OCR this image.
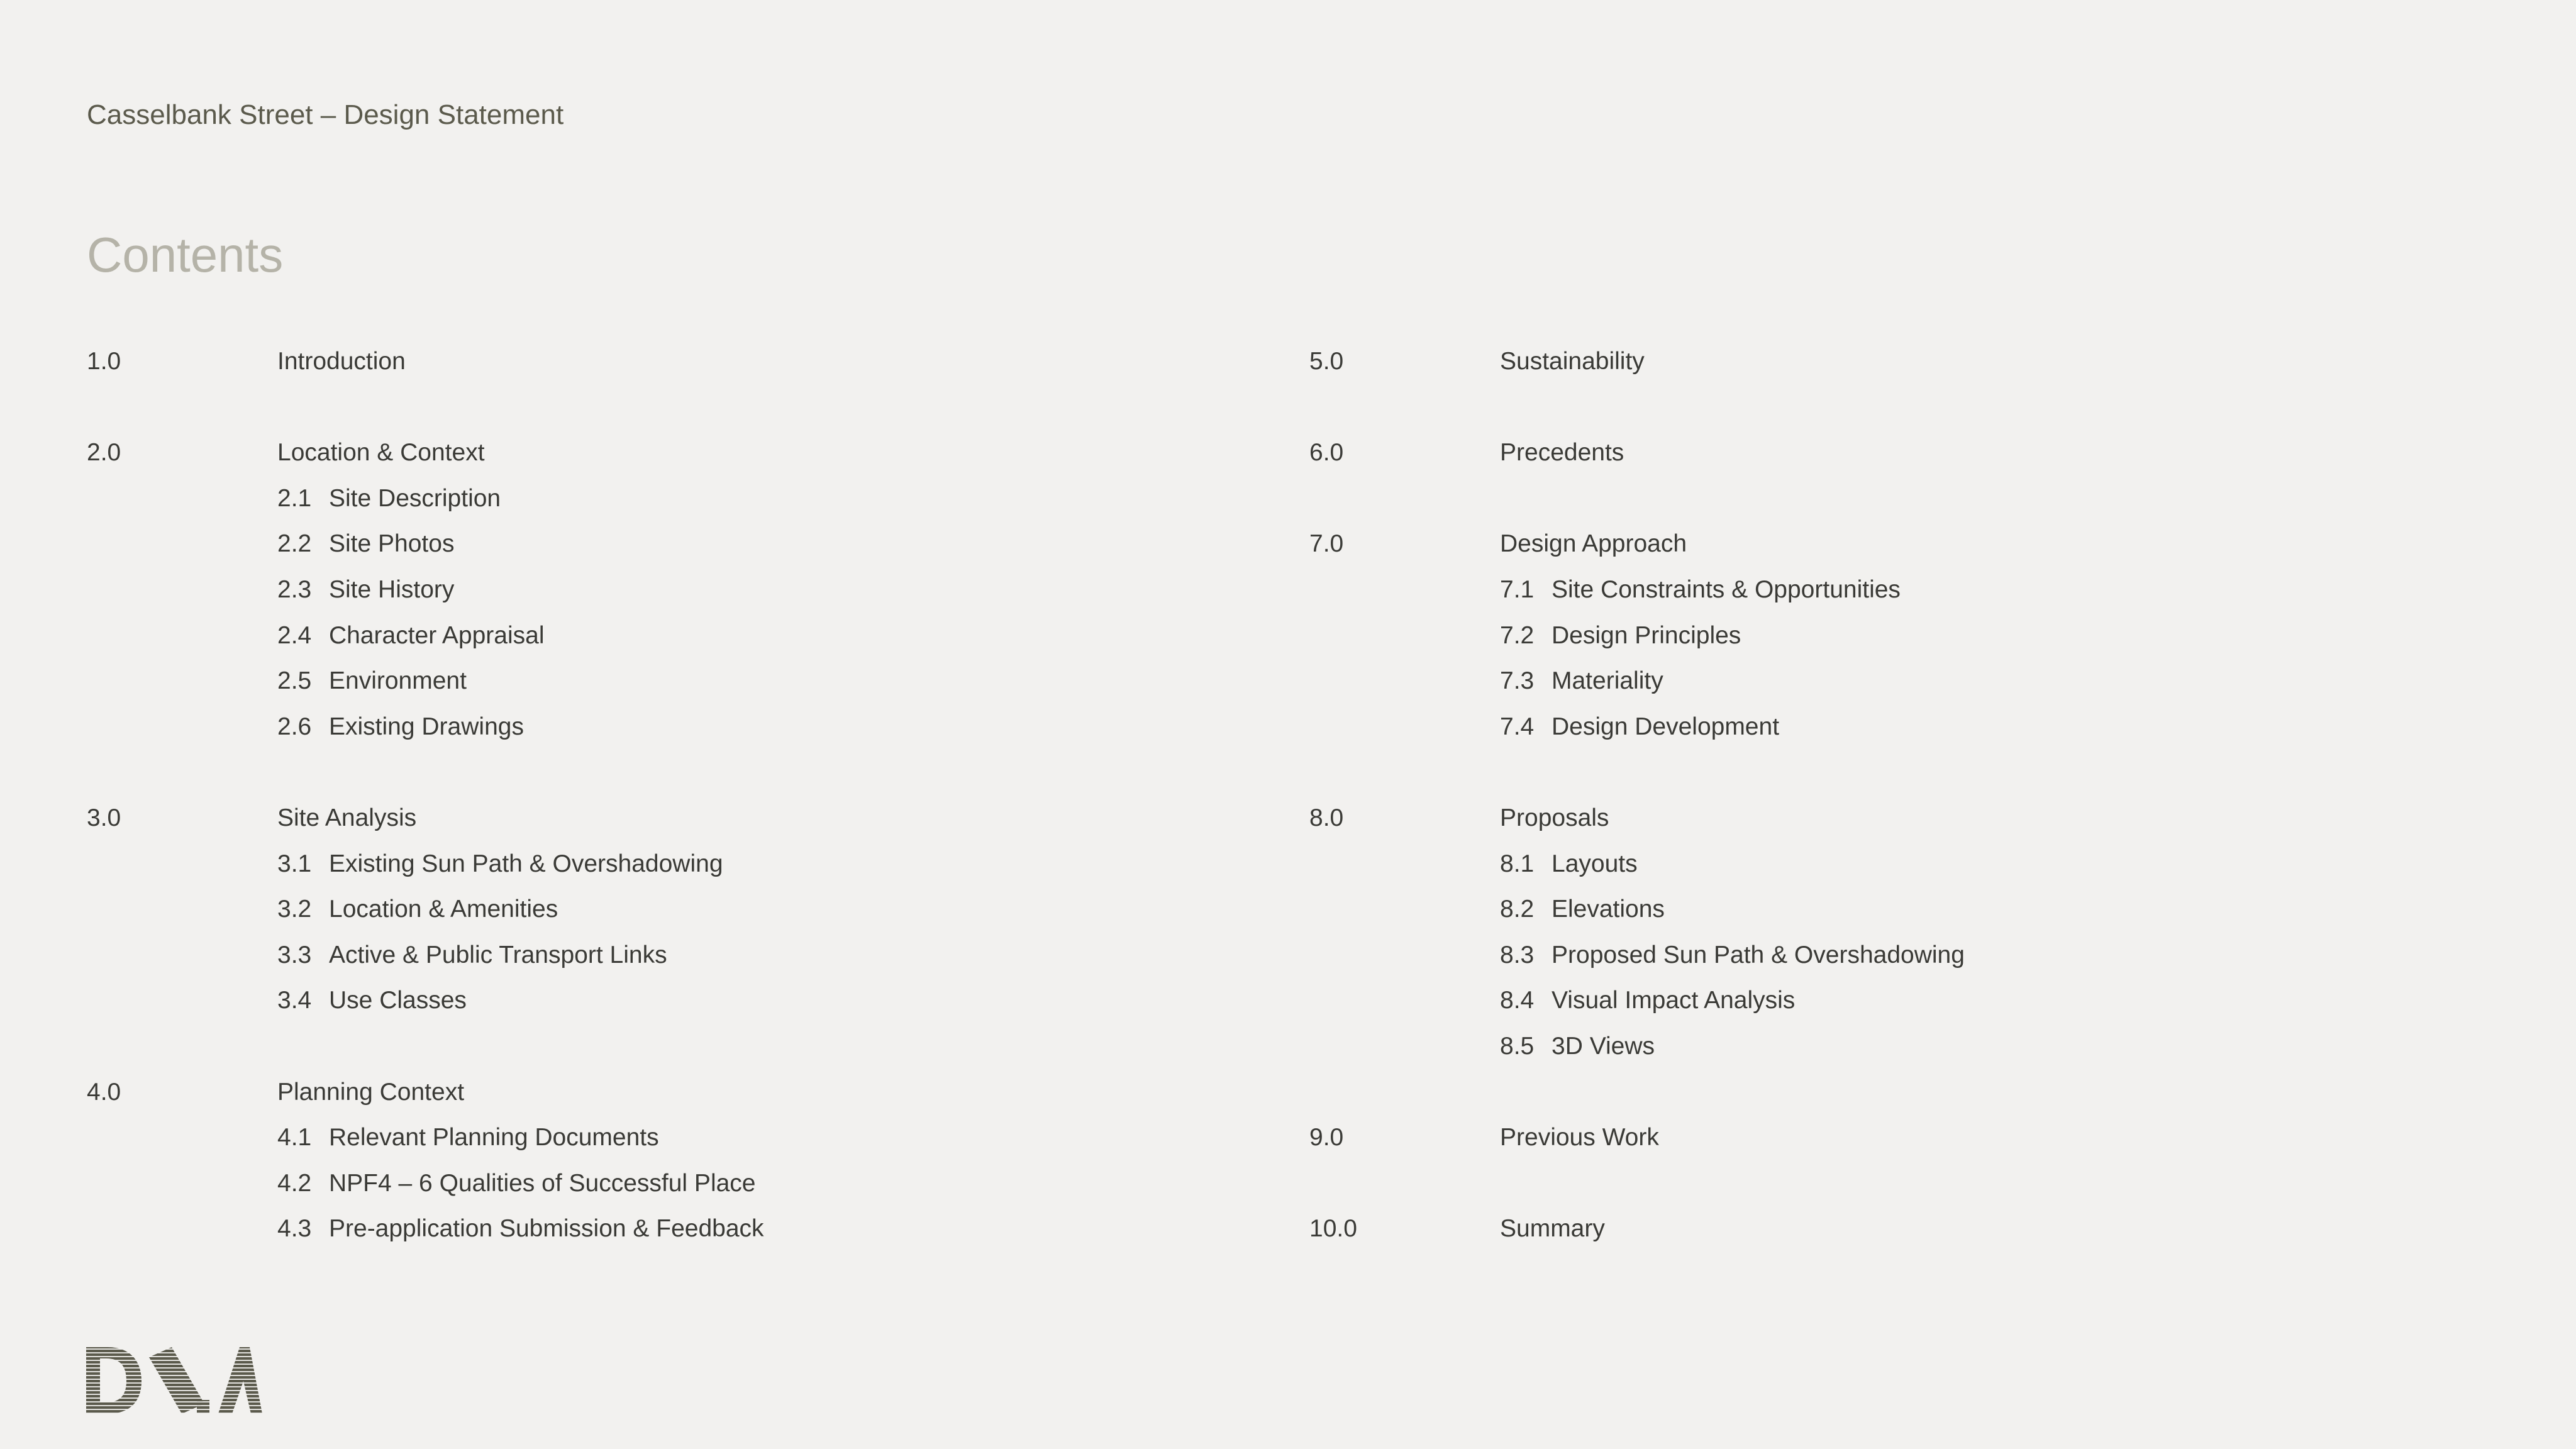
Casselbank Street – Design Statement
Contents
1.0	Introduction
2.0	Location & Context
2.1 Site Description
2.2 Site Photos
2.3 Site History
2.4 Character Appraisal
2.5 Environment
2.6 Existing Drawings
3.0	Site Analysis
3.1 Existing Sun Path & Overshadowing
3.2 Location & Amenities
3.3 Active & Public Transport Links
3.4 Use Classes
4.0	Planning Context
4.1 Relevant Planning Documents
4.2 NPF4 – 6 Qualities of Successful Place
4.3 Pre-application Submission & Feedback
5.0	Sustainability
6.0	Precedents
7.0	Design Approach
7.1 Site Constraints & Opportunities
7.2 Design Principles
7.3 Materiality
7.4 Design Development
8.0	Proposals
8.1 Layouts
8.2 Elevations
8.3 Proposed Sun Path & Overshadowing
8.4 Visual Impact Analysis
8.5 3D Views
9.0	Previous Work
10.0	Summary
